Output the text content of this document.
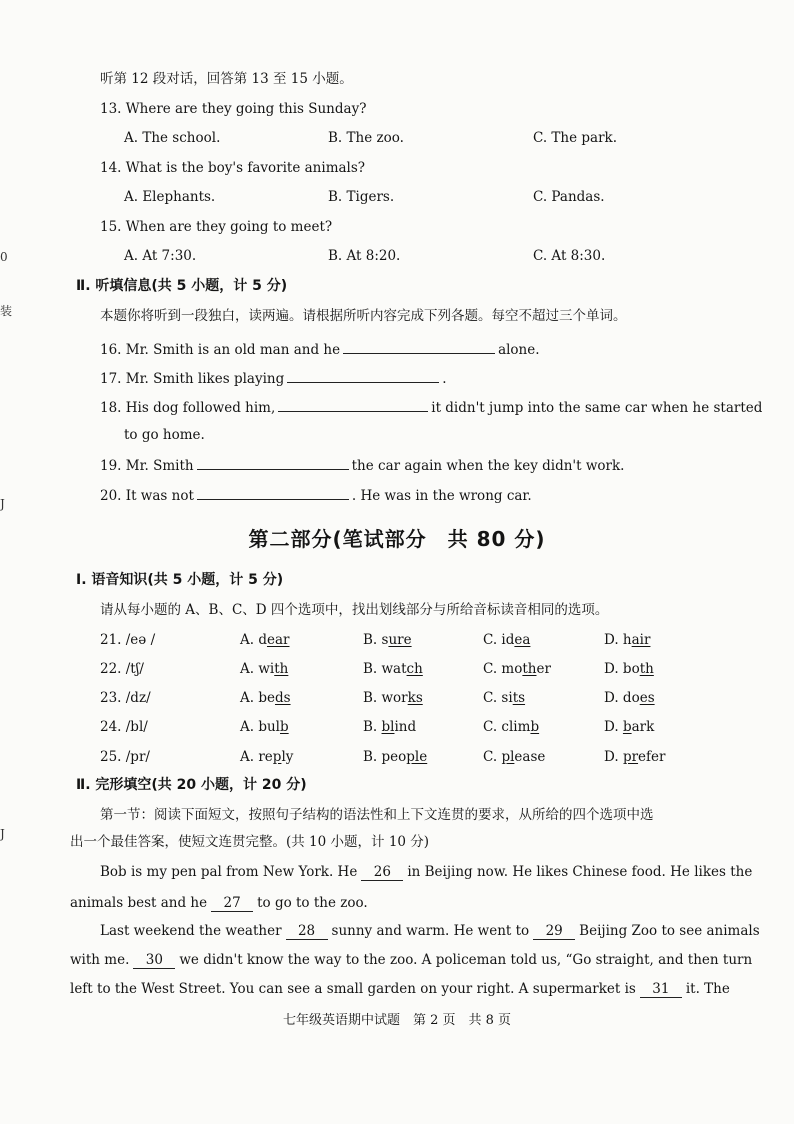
0
装
J
J
听第 12 段对话，回答第 13 至 15 小题。
13. Where are they going this Sunday?
A. The school.	B. The zoo.	C. The park.
14. What is the boy's favorite animals?
A. Elephants.	B. Tigers.	C. Pandas.
15. When are they going to meet?
A. At 7:30.	B. At 8:20.	C. At 8:30.
Ⅱ. 听填信息(共 5 小题，计 5 分)
本题你将听到一段独白，读两遍。请根据所听内容完成下列各题。每空不超过三个单词。
16. Mr. Smith is an old man and he	alone.
17. Mr. Smith likes playing	.
18. His dog followed him,	it didn't jump into the same car when he started
to go home.
19. Mr. Smith	the car again when the key didn't work.
20. It was not	. He was in the wrong car.
第二部分(笔试部分　共 80 分)
Ⅰ. 语音知识(共 5 小题，计 5 分)
请从每小题的 A、B、C、D 四个选项中，找出划线部分与所给音标读音相同的选项。
21. /eə /	A. dear	B. sure	C. idea	D. hair
22. /tʃ/	A. with	B. watch	C. mother	D. both
23. /dz/	A. beds	B. works	C. sits	D. does
24. /bl/	A. bulb	B. blind	C. climb	D. bark
25. /pr/	A. reply	B. people	C. please	D. prefer
Ⅱ. 完形填空(共 20 小题，计 20 分)
第一节：阅读下面短文，按照句子结构的语法性和上下文连贯的要求，从所给的四个选项中选
出一个最佳答案，使短文连贯完整。(共 10 小题，计 10 分)
Bob is my pen pal from New York. He 26 in Beijing now. He likes Chinese food. He likes the
animals best and he 27 to go to the zoo.
Last weekend the weather 28 sunny and warm. He went to 29 Beijing Zoo to see animals
with me. 30 we didn't know the way to the zoo. A policeman told us, “Go straight, and then turn
left to the West Street. You can see a small garden on your right. A supermarket is 31 it. The
七年级英语期中试题　第 2 页　共 8 页
